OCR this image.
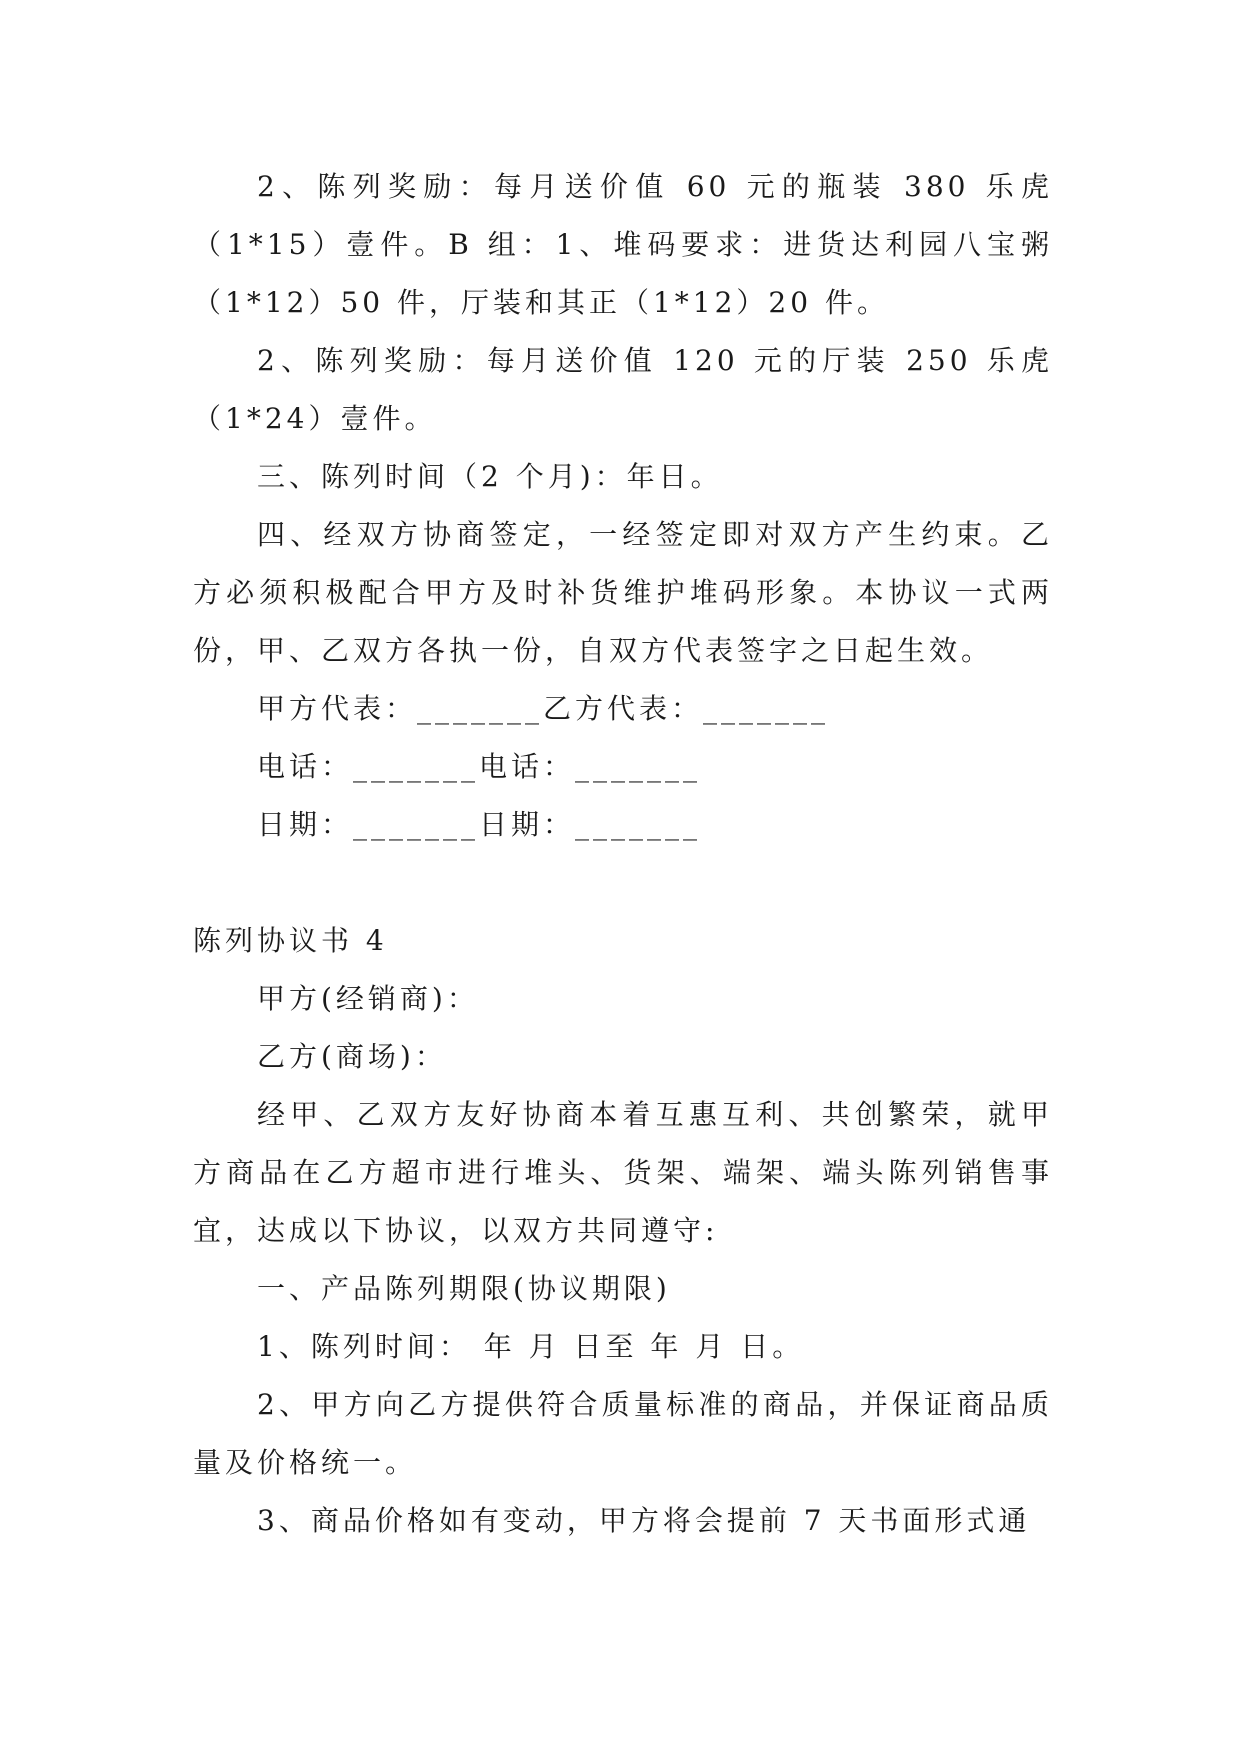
2、陈列奖励：每月送价值 60 元的瓶装 380 乐虎（1*15）壹件。B 组：1、堆码要求：进货达利园八宝粥（1*12）50 件，厅装和其正（1*12）20 件。

2、陈列奖励：每月送价值 120 元的厅装 250 乐虎（1*24）壹件。

三、陈列时间（2 个月)：年日。

四、经双方协商签定，一经签定即对双方产生约束。乙方必须积极配合甲方及时补货维护堆码形象。本协议一式两份，甲、乙双方各执一份，自双方代表签字之日起生效。

甲方代表：_______乙方代表：_______

电话：_______电话：_______

日期：_______日期：_______

陈列协议书 4

甲方(经销商)：

乙方(商场)：

经甲、乙双方友好协商本着互惠互利、共创繁荣，就甲方商品在乙方超市进行堆头、货架、端架、端头陈列销售事宜，达成以下协议，以双方共同遵守:

一、产品陈列期限(协议期限)

1、陈列时间： 年 月 日至 年 月 日。

2、甲方向乙方提供符合质量标准的商品，并保证商品质量及价格统一。

3、商品价格如有变动，甲方将会提前 7 天书面形式通
